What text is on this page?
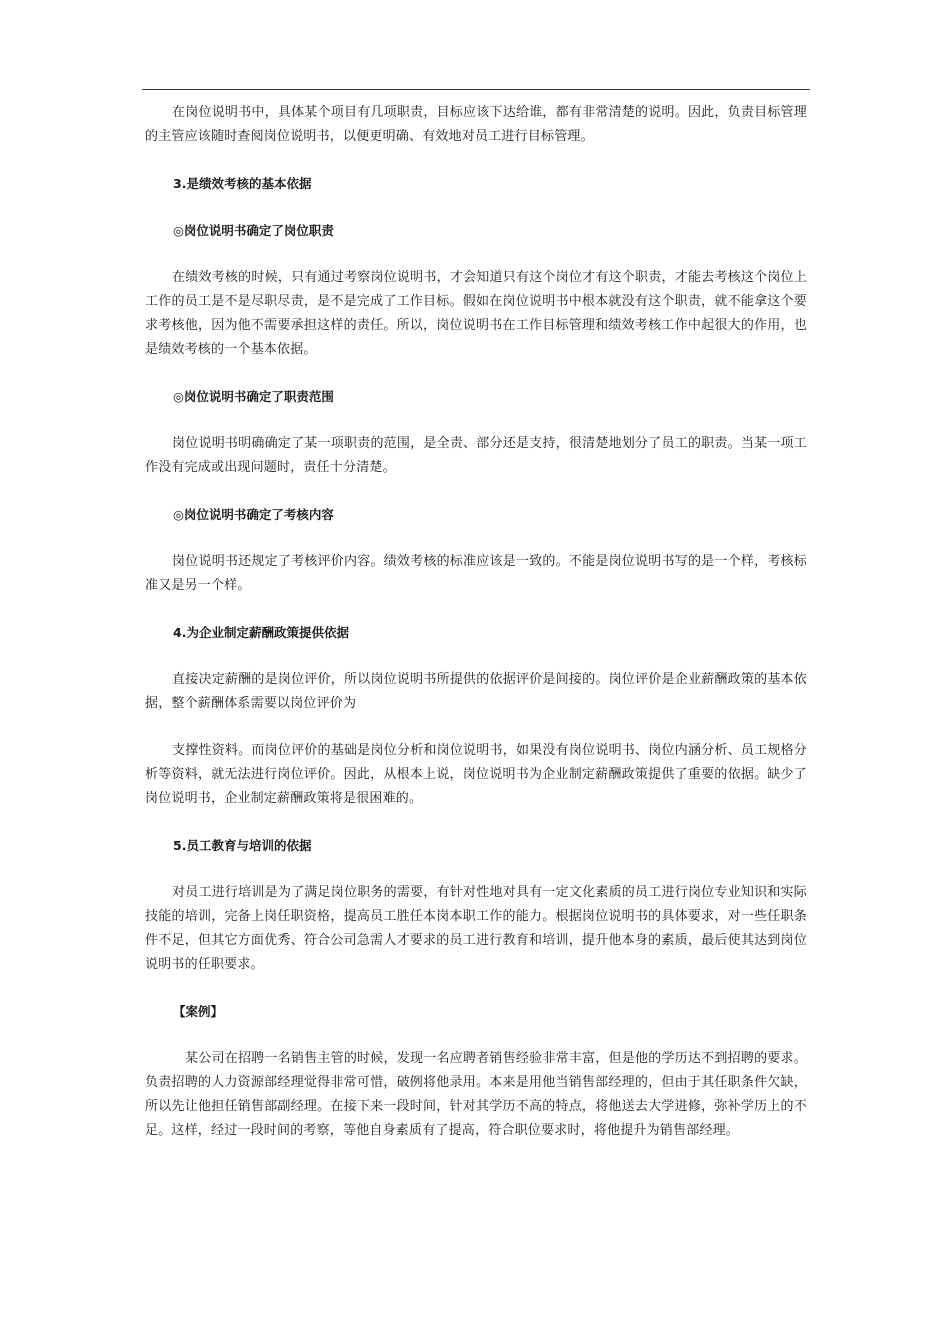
在岗位说明书中，具体某个项目有几项职责，目标应该下达给谁，都有非常清楚的说明。因此，负责目标管理的主管应该随时查阅岗位说明书，以便更明确、有效地对员工进行目标管理。

3.是绩效考核的基本依据
◎岗位说明书确定了岗位职责

在绩效考核的时候，只有通过考察岗位说明书，才会知道只有这个岗位才有这个职责，才能去考核这个岗位上工作的员工是不是尽职尽责，是不是完成了工作目标。假如在岗位说明书中根本就没有这个职责，就不能拿这个要求考核他，因为他不需要承担这样的责任。所以，岗位说明书在工作目标管理和绩效考核工作中起很大的作用，也是绩效考核的一个基本依据。

◎岗位说明书确定了职责范围

岗位说明书明确确定了某一项职责的范围，是全责、部分还是支持，很清楚地划分了员工的职责。当某一项工作没有完成或出现问题时，责任十分清楚。

◎岗位说明书确定了考核内容

岗位说明书还规定了考核评价内容。绩效考核的标准应该是一致的。不能是岗位说明书写的是一个样，考核标准又是另一个样。

4.为企业制定薪酬政策提供依据

直接决定薪酬的是岗位评价，所以岗位说明书所提供的依据评价是间接的。岗位评价是企业薪酬政策的基本依据，整个薪酬体系需要以岗位评价为

支撑性资料。而岗位评价的基础是岗位分析和岗位说明书，如果没有岗位说明书、岗位内涵分析、员工规格分析等资料，就无法进行岗位评价。因此，从根本上说，岗位说明书为企业制定薪酬政策提供了重要的依据。缺少了岗位说明书，企业制定薪酬政策将是很困难的。

5.员工教育与培训的依据

对员工进行培训是为了满足岗位职务的需要，有针对性地对具有一定文化素质的员工进行岗位专业知识和实际技能的培训，完备上岗任职资格，提高员工胜任本岗本职工作的能力。根据岗位说明书的具体要求，对一些任职条件不足，但其它方面优秀、符合公司急需人才要求的员工进行教育和培训，提升他本身的素质，最后使其达到岗位说明书的任职要求。

【案例】

某公司在招聘一名销售主管的时候，发现一名应聘者销售经验非常丰富，但是他的学历达不到招聘的要求。负责招聘的人力资源部经理觉得非常可惜，破例将他录用。本来是用他当销售部经理的，但由于其任职条件欠缺，所以先让他担任销售部副经理。在接下来一段时间，针对其学历不高的特点，将他送去大学进修，弥补学历上的不足。这样，经过一段时间的考察，等他自身素质有了提高，符合职位要求时，将他提升为销售部经理。
